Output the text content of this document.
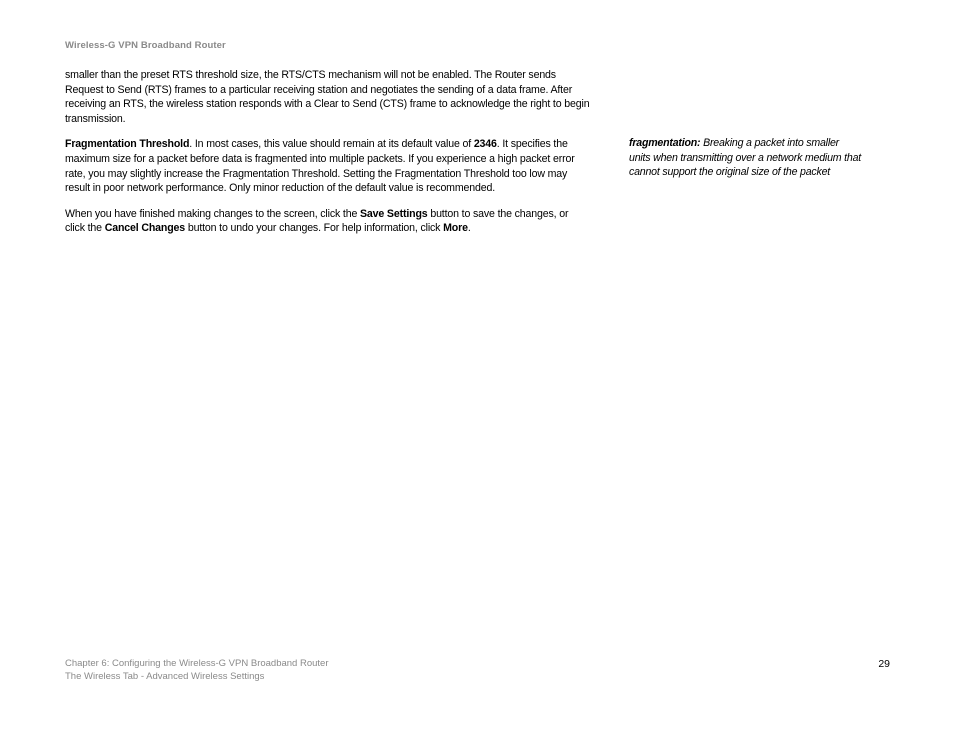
Wireless-G VPN Broadband Router

smaller than the preset RTS threshold size, the RTS/CTS mechanism will not be enabled. The Router sends Request to Send (RTS) frames to a particular receiving station and negotiates the sending of a data frame. After receiving an RTS, the wireless station responds with a Clear to Send (CTS) frame to acknowledge the right to begin transmission.

Fragmentation Threshold. In most cases, this value should remain at its default value of 2346. It specifies the maximum size for a packet before data is fragmented into multiple packets. If you experience a high packet error rate, you may slightly increase the Fragmentation Threshold. Setting the Fragmentation Threshold too low may result in poor network performance. Only minor reduction of the default value is recommended.

When you have finished making changes to the screen, click the Save Settings button to save the changes, or click the Cancel Changes button to undo your changes. For help information, click More.

fragmentation: Breaking a packet into smaller units when transmitting over a network medium that cannot support the original size of the packet
Chapter 6: Configuring the Wireless-G VPN Broadband Router
The Wireless Tab - Advanced Wireless Settings
29
